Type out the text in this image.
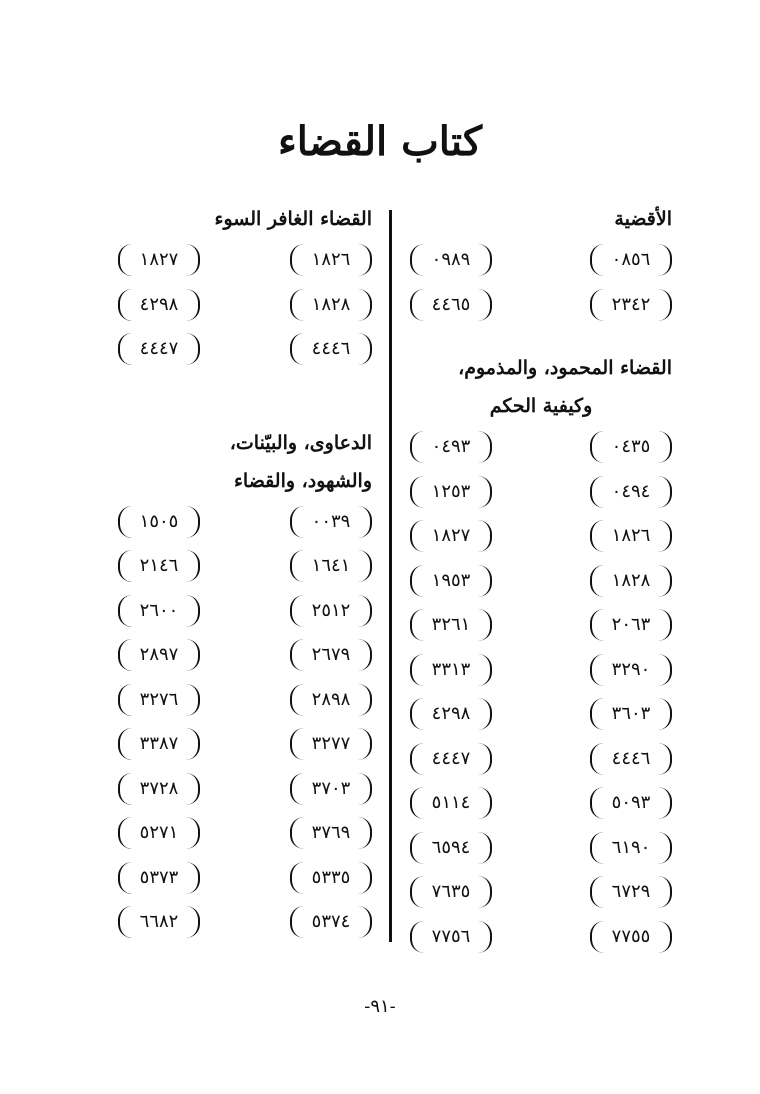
كتاب القضاء
الأقضية
٠٨٥٦
٠٩٨٩
٢٣٤٢
٤٤٦٥
القضاء المحمود، والمذموم،
وكيفية الحكم
٠٤٣٥
٠٤٩٣
٠٤٩٤
١٢٥٣
١٨٢٦
١٨٢٧
١٨٢٨
١٩٥٣
٢٠٦٣
٣٢٦١
٣٢٩٠
٣٣١٣
٣٦٠٣
٤٢٩٨
٤٤٤٦
٤٤٤٧
٥٠٩٣
٥١١٤
٦١٩٠
٦٥٩٤
٦٧٢٩
٧٦٣٥
٧٧٥٥
٧٧٥٦
القضاء الغافر السوء
١٨٢٦
١٨٢٧
١٨٢٨
٤٢٩٨
٤٤٤٦
٤٤٤٧
الدعاوى، والبيّنات،
والشهود، والقضاء
٠٠٣٩
١٥٠٥
١٦٤١
٢١٤٦
٢٥١٢
٢٦٠٠
٢٦٧٩
٢٨٩٧
٢٨٩٨
٣٢٧٦
٣٢٧٧
٣٣٨٧
٣٧٠٣
٣٧٢٨
٣٧٦٩
٥٢٧١
٥٣٣٥
٥٣٧٣
٥٣٧٤
٦٦٨٢
-٩١-
